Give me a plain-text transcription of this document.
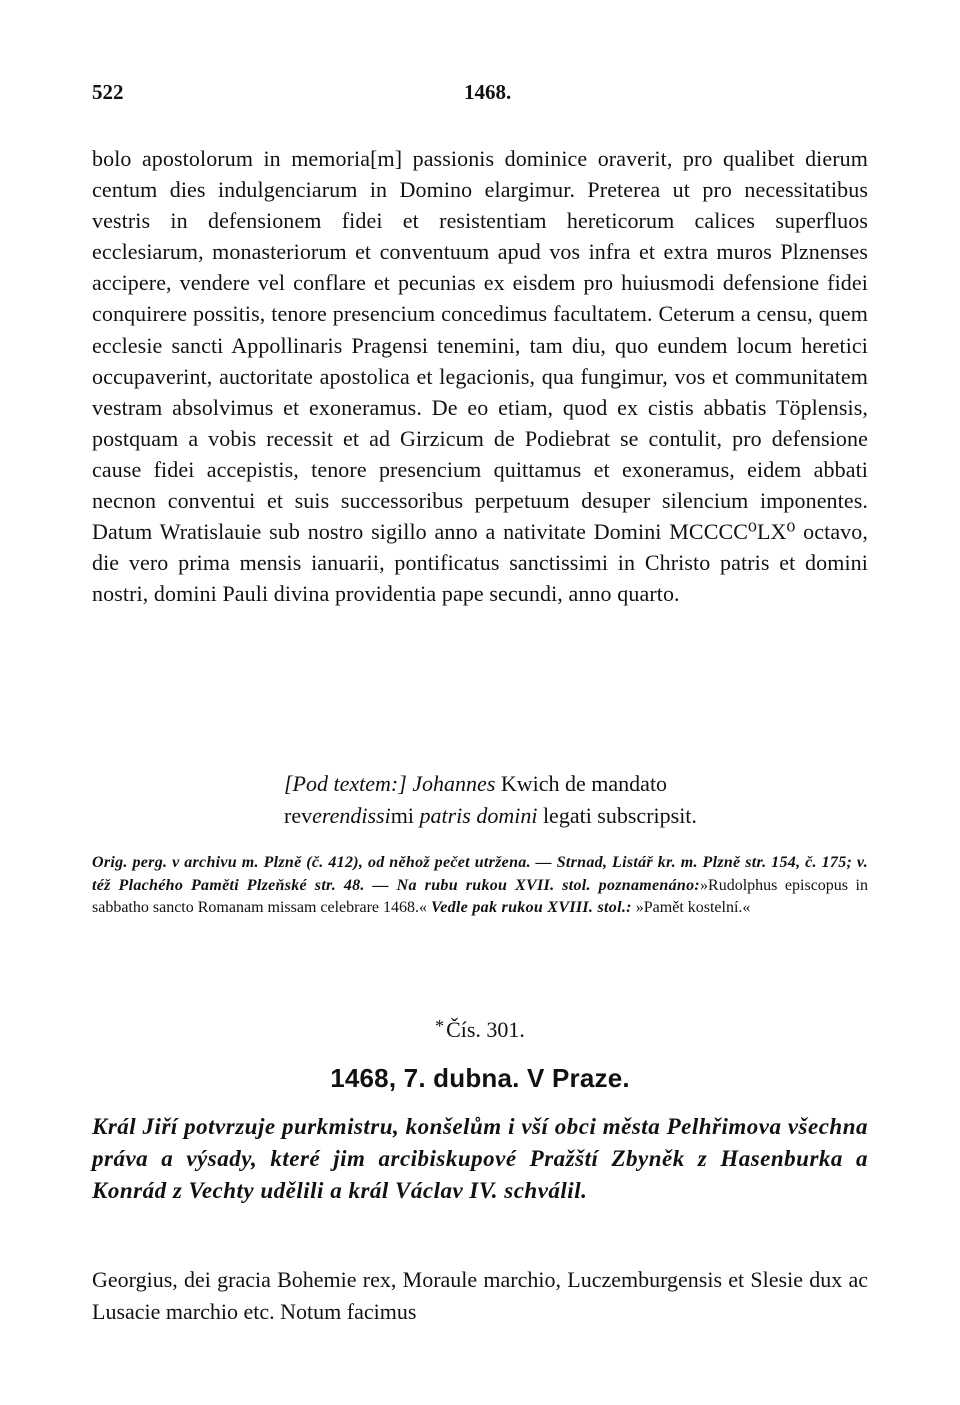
522	1468.

bolo apostolorum in memoria[m] passionis dominice oraverit, pro qualibet dierum centum dies indulgenciarum in Domino elargimur. Preterea ut pro necessitatibus vestris in defensionem fidei et resistentiam hereticorum calices superfluos ecclesiarum, monasteriorum et conventuum apud vos infra et extra muros Plznenses accipere, vendere vel conflare et pecunias ex eisdem pro huiusmodi defensione fidei conquirere possitis, tenore presencium concedimus facultatem. Ceterum a censu, quem ecclesie sancti Appollinaris Pragensi tenemini, tam diu, quo eundem locum heretici occupaverint, auctoritate apostolica et legacionis, qua fungimur, vos et communitatem vestram absolvimus et exoneramus. De eo etiam, quod ex cistis abbatis Töplensis, postquam a vobis recessit et ad Girzicum de Podiebrat se contulit, pro defensione cause fidei accepistis, tenore presencium quittamus et exoneramus, eidem abbati necnon conventui et suis successoribus perpetuum desuper silencium imponentes. Datum Wratislauie sub nostro sigillo anno a nativitate Domini MCCCC⁰LX⁰ octavo, die vero prima mensis ianuarii, pontificatus sanctissimi in Christo patris et domini nostri, domini Pauli divina providentia pape secundi, anno quarto.

[Pod textem:] Johannes Kwich de mandato
reverendissimi patris domini legati subscripsit.

Orig. perg. v archivu m. Plzně (č. 412), od něhož pečet utržena. — Strnad, Listář kr. m. Plzně str. 154, č. 175; v. též Plachého Paměti Plzeňské str. 48. — Na rubu rukou XVII. stol. poznamenáno:»Rudolphus episcopus in sabbatho sancto Romanam missam celebrare 1468.« Vedle pak rukou XVIII. stol.: »Pamět kostelní.«

*Čís. 301.
1468, 7. dubna. V Praze.

Král Jiří potvrzuje purkmistru, konšelům i vší obci města Pelhřimova všechna práva a výsady, které jim arcibiskupové Pražští Zbyněk z Hasenburka a Konrád z Vechty udělili a král Václav IV. schválil.

Georgius, dei gracia Bohemie rex, Moraule marchio, Luczemburgensis et Slesie dux ac Lusacie marchio etc. Notum facimus
